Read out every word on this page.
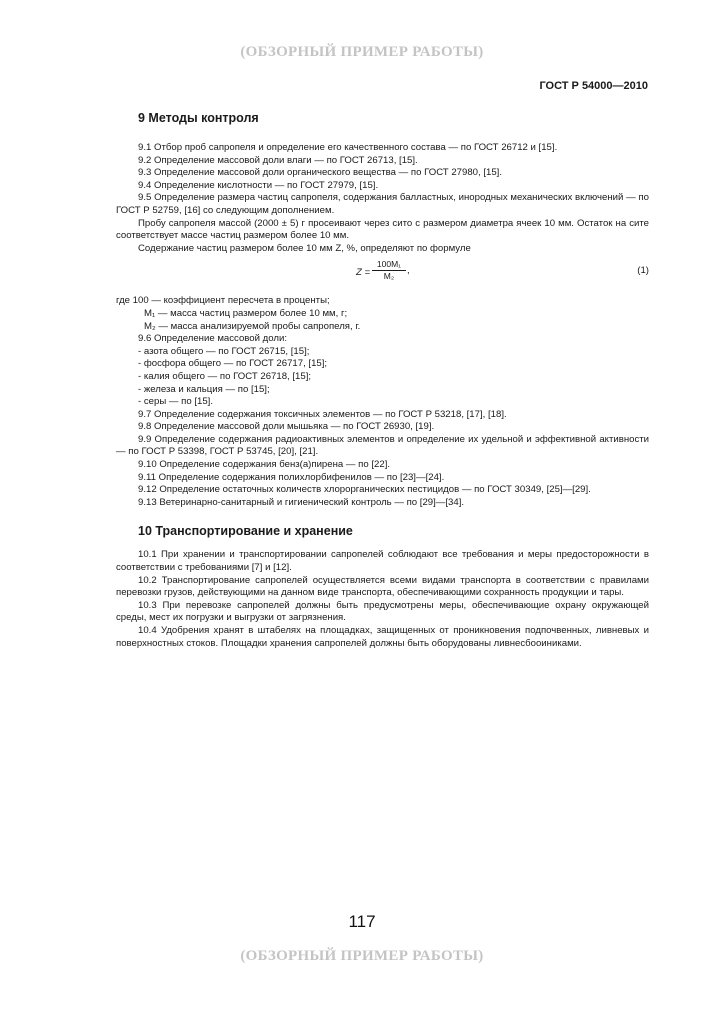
(ОБЗОРНЫЙ ПРИМЕР РАБОТЫ)
ГОСТ Р 54000—2010
9 Методы контроля

9.1 Отбор проб сапропеля и определение его качественного состава — по ГОСТ 26712 и [15].

9.2 Определение массовой доли влаги — по ГОСТ 26713, [15].

9.3 Определение массовой доли органического вещества — по ГОСТ 27980, [15].

9.4 Определение кислотности — по ГОСТ 27979, [15].

9.5 Определение размера частиц сапропеля, содержания балластных, инородных механических включений — по ГОСТ Р 52759, [16] со следующим дополнением.

Пробу сапропеля массой (2000 ± 5) г просеивают через сито с размером диаметра ячеек 10 мм. Остаток на сите соответствует массе частиц размером более 10 мм.

Содержание частиц размером более 10 мм Z, %, определяют по формуле

$Z = \frac{\text{100M₁}}{\text{M₂}}$ ,	(1)

где 100 — коэффициент пересчета в проценты;

M₁ — масса частиц размером более 10 мм, г;

M₂ — масса анализируемой пробы сапропеля, г.

9.6 Определение массовой доли:

- азота общего — по ГОСТ 26715, [15];

- фосфора общего — по ГОСТ 26717, [15];

- калия общего — по ГОСТ 26718, [15];

- железа и кальция — по [15];

- серы — по [15].

9.7 Определение содержания токсичных элементов — по ГОСТ Р 53218, [17], [18].

9.8 Определение массовой доли мышьяка — по ГОСТ 26930, [19].

9.9 Определение содержания радиоактивных элементов и определение их удельной и эффективной активности — по ГОСТ Р 53398, ГОСТ Р 53745, [20], [21].

9.10 Определение содержания бенз(а)пирена — по [22].

9.11 Определение содержания полихлорбифенилов — по [23]—[24].

9.12 Определение остаточных количеств хлорорганических пестицидов — по ГОСТ 30349, [25]—[29].

9.13 Ветеринарно-санитарный и гигиенический контроль — по [29]—[34].

10 Транспортирование и хранение

10.1 При хранении и транспортировании сапропелей соблюдают все требования и меры предосторожности в соответствии с требованиями [7] и [12].

10.2 Транспортирование сапропелей осуществляется всеми видами транспорта в соответствии с правилами перевозки грузов, действующими на данном виде транспорта, обеспечивающими сохранность продукции и тары.

10.3 При перевозке сапропелей должны быть предусмотрены меры, обеспечивающие охрану окружающей среды, мест их погрузки и выгрузки от загрязнения.

10.4 Удобрения хранят в штабелях на площадках, защищенных от проникновения подпочвенных, ливневых и поверхностных стоков. Площадки хранения сапропелей должны быть оборудованы ливнесбооиниками.

117
(ОБЗОРНЫЙ ПРИМЕР РАБОТЫ)
